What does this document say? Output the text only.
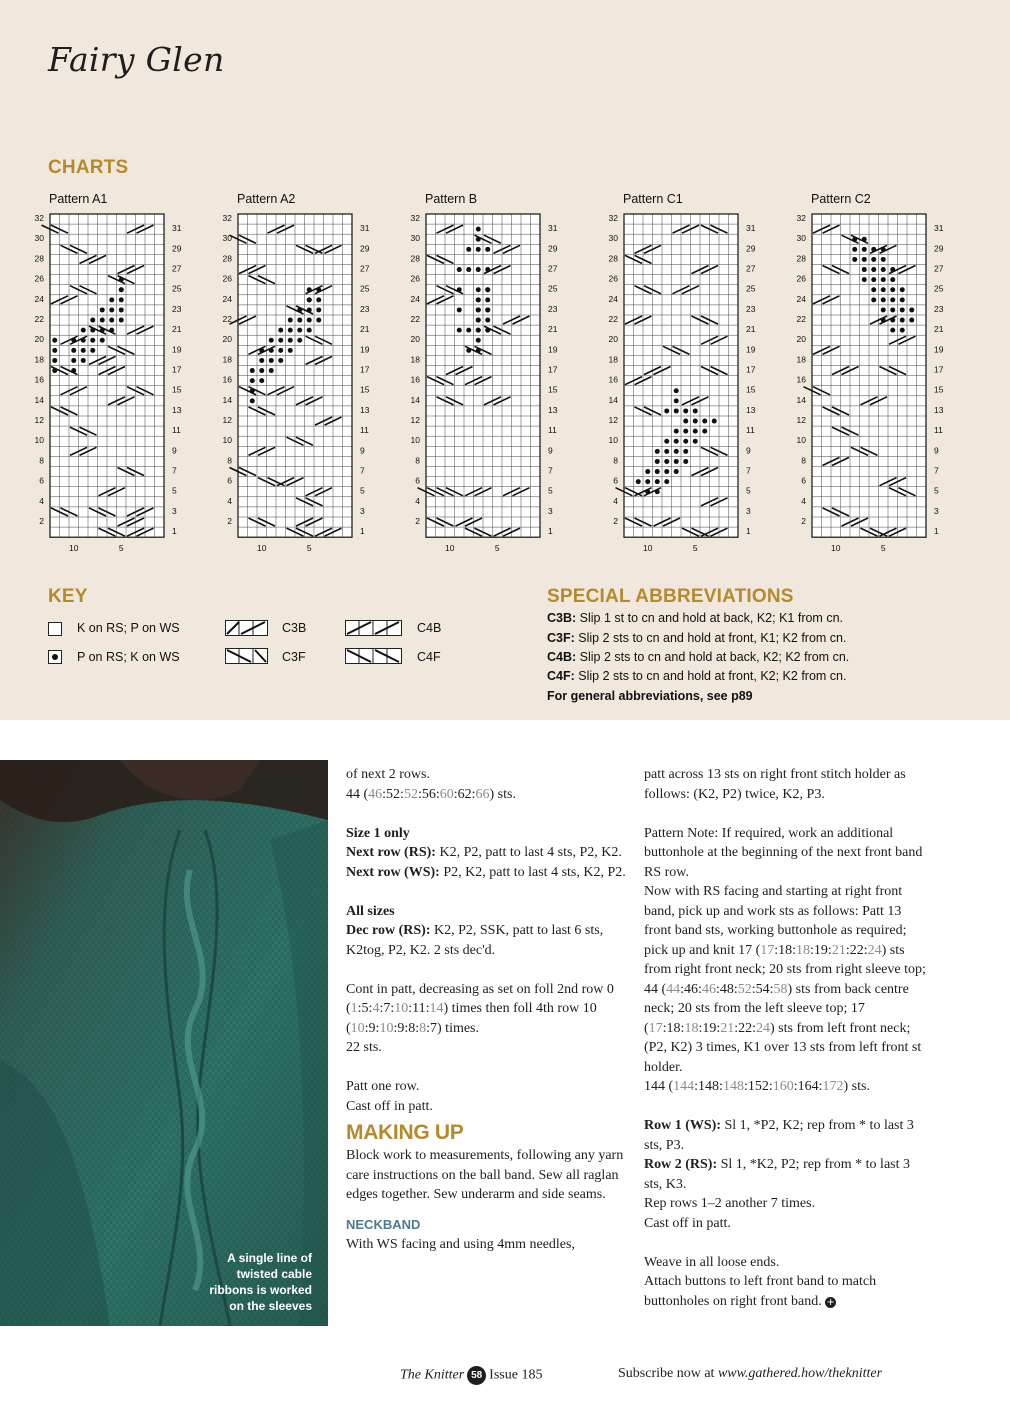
Fairy Glen
CHARTS
Pattern A1
32
30
28
26
24
22
20
18
16
14
12
10
8
6
4
2
31
29
27
25
23
21
19
17
15
13
11
9
7
5
3
1
10	5
Pattern A2
32
30
28
26
24
22
20
18
16
14
12
10
8
6
4
2
31
29
27
25
23
21
19
17
15
13
11
9
7
5
3
1
10	5
Pattern B
32
30
28
26
24
22
20
18
16
14
12
10
8
6
4
2
31
29
27
25
23
21
19
17
15
13
11
9
7
5
3
1
10	5
Pattern C1
32
30
28
26
24
22
20
18
16
14
12
10
8
6
4
2
31
29
27
25
23
21
19
17
15
13
11
9
7
5
3
1
10	5
Pattern C2
32
30
28
26
24
22
20
18
16
14
12
10
8
6
4
2
31
29
27
25
23
21
19
17
15
13
11
9
7
5
3
1
10	5
KEY
K on RS; P on WS
P on RS; K on WS
C3B
C3F
C4B
C4F
SPECIAL ABBREVIATIONS
C3B: Slip 1 st to cn and hold at back, K2; K1 from cn.
C3F: Slip 2 sts to cn and hold at front, K1; K2 from cn.
C4B: Slip 2 sts to cn and hold at back, K2; K2 from cn.
C4F: Slip 2 sts to cn and hold at front, K2; K2 from cn.
For general abbreviations, see p89
A single line of twisted cable ribbons is worked on the sleeves

of next 2 rows.

44 (46:52:52:56:60:62:66) sts.

Size 1 only

Next row (RS): K2, P2, patt to last 4 sts, P2, K2.

Next row (WS): P2, K2, patt to last 4 sts, K2, P2.

All sizes

Dec row (RS): K2, P2, SSK, patt to last 6 sts, K2tog, P2, K2. 2 sts dec'd.

Cont in patt, decreasing as set on foll 2nd row 0 (1:5:4:7:10:11:14) times then foll 4th row 10 (10:9:10:9:8:8:7) times.

22 sts.

Patt one row.

Cast off in patt.

MAKING UP

Block work to measurements, following any yarn care instructions on the ball band. Sew all raglan edges together. Sew underarm and side seams.

NECKBAND

With WS facing and using 4mm needles,

patt across 13 sts on right front stitch holder as follows: (K2, P2) twice, K2, P3.

Pattern Note: If required, work an additional buttonhole at the beginning of the next front band RS row.

Now with RS facing and starting at right front band, pick up and work sts as follows: Patt 13 front band sts, working buttonhole as required; pick up and knit 17 (17:18:18:19:21:22:24) sts from right front neck; 20 sts from right sleeve top; 44 (44:46:46:48:52:54:58) sts from back centre neck; 20 sts from the left sleeve top; 17 (17:18:18:19:21:22:24) sts from left front neck; (P2, K2) 3 times, K1 over 13 sts from left front st holder.

144 (144:148:148:152:160:164:172) sts.

Row 1 (WS): Sl 1, *P2, K2; rep from * to last 3 sts, P3.

Row 2 (RS): Sl 1, *K2, P2; rep from * to last 3 sts, K3.

Rep rows 1–2 another 7 times.

Cast off in patt.

Weave in all loose ends.

Attach buttons to left front band to match buttonholes on right front band. +

The Knitter 58 Issue 185	Subscribe now at www.gathered.how/theknitter
